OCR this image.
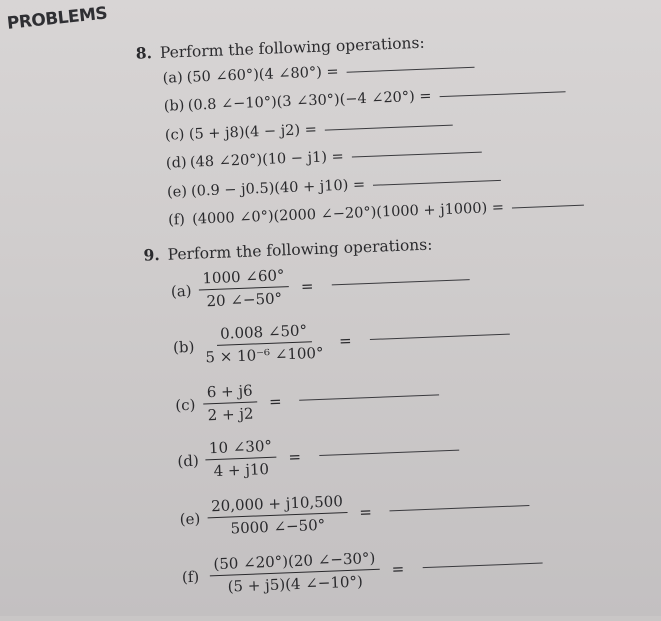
PROBLEMS
8. Perform the following operations:
(a) (50 ∠60°)(4 ∠80°) =
(b) (0.8 ∠−10°)(3 ∠30°)(−4 ∠20°) =
(c) (5 + j8)(4 − j2) =
(d) (48 ∠20°)(10 − j1) =
(e) (0.9 − j0.5)(40 + j10) =
(f) (4000 ∠0°)(2000 ∠−20°)(1000 + j1000) =
9. Perform the following operations:
$(a) \frac{1000 \angle 60^\circ}{20 \angle-50^\circ}$ =
$(b) \frac{0.008 \angle 50^\circ}{\text{5 × 10⁻⁶ ∠100°}}$ =
$(c) \frac{6 + j6}{2 + j2}$ =
$(d) \frac{10 \angle 30^\circ}{4 + j10}$ =
$(e) \frac{20,000 + j10,500}{5000 \angle-50^\circ}$ =
$(f) \frac{(50 \angle 20^\circ)(20 \angle-30^\circ)}{(5 + j5)(4 \angle-10^\circ)}$ =
